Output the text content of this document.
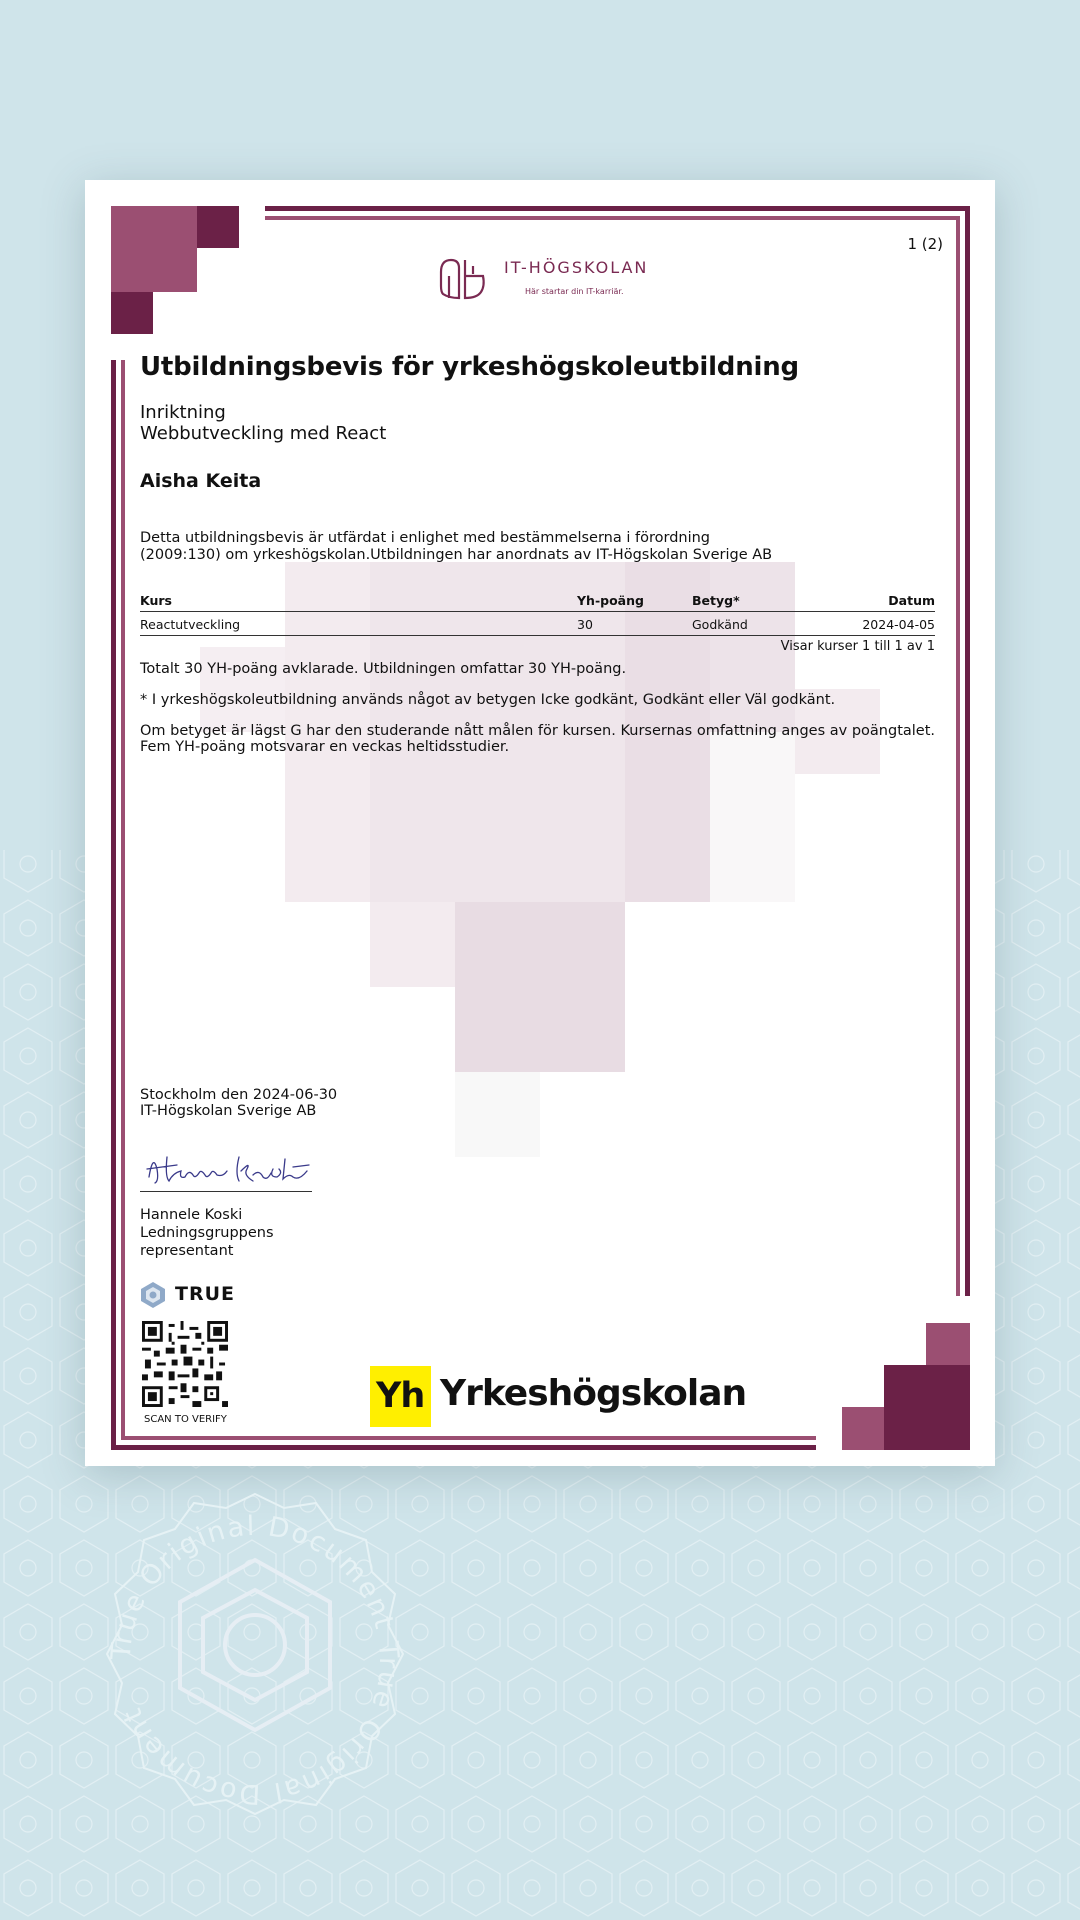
IT-HÖGSKOLAN
Här startar din IT-karriär.
1 (2)
Utbildningsbevis för yrkeshögskoleutbildning
Inriktning
Webbutveckling med React
Aisha Keita
Detta utbildningsbevis är utfärdat i enlighet med bestämmelserna i förordning (2009:130) om yrkeshögskolan.Utbildningen har anordnats av IT-Högskolan Sverige AB
Kurs	Yh-poäng	Betyg*	Datum
Reactutveckling	30	Godkänd	2024-04-05
Visar kurser 1 till 1 av 1
Totalt 30 YH-poäng avklarade. Utbildningen omfattar 30 YH-poäng.
* I yrkeshögskoleutbildning används något av betygen Icke godkänt, Godkänt eller Väl godkänt.
Om betyget är lägst G har den studerande nått målen för kursen. Kursernas omfattning anges av poängtalet. Fem YH-poäng motsvarar en veckas heltidsstudier.
Stockholm den 2024-06-30
IT-Högskolan Sverige AB
Hannele Koski
Ledningsgruppens
representant
TRUE
SCAN TO VERIFY
Yh Yrkeshögskolan
True Original Document True Original Document
